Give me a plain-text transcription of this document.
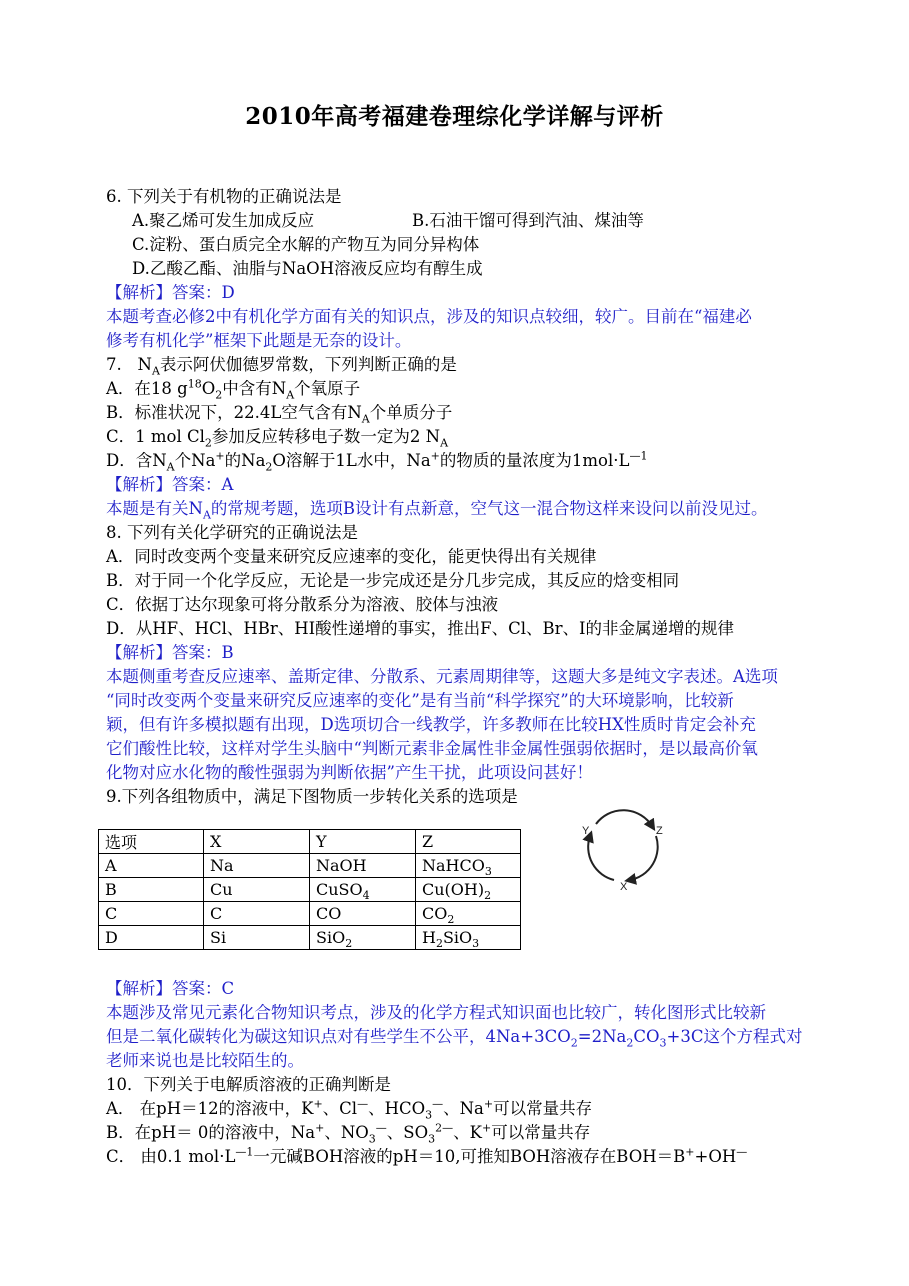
2010年高考福建卷理综化学详解与评析
6. 下列关于有机物的正确说法是
A.聚乙烯可发生加成反应	B.石油干馏可得到汽油、煤油等
C.淀粉、蛋白质完全水解的产物互为同分异构体
D.乙酸乙酯、油脂与NaOH溶液反应均有醇生成
【解析】答案：D
本题考查必修2中有机化学方面有关的知识点，涉及的知识点较细，较广。目前在“福建必
修考有机化学”框架下此题是无奈的设计。
7. $N_A$表示阿伏伽德罗常数，下列判断正确的是
A．在18 $g^{18}O_2$中含有$N_A$个氧原子
B．标准状况下，22.4L空气含有$N_A$个单质分子
C．1 mol $Cl_2$参加反应转移电子数一定为2 $N_A$
D．含$N_A$个Na+的$Na_2O$溶解于1L水中，Na+的物质的量浓度为$1mol\cdot L^{—1}$
【解析】答案：A
本题是有关$N_A$的常规考题，选项B设计有点新意，空气这一混合物这样来设问以前没见过。
8. 下列有关化学研究的正确说法是
A．同时改变两个变量来研究反应速率的变化，能更快得出有关规律
B．对于同一个化学反应，无论是一步完成还是分几步完成，其反应的焓变相同
C．依据丁达尔现象可将分散系分为溶液、胶体与浊液
D．从HF、HCl、HBr、HI酸性递增的事实，推出F、Cl、Br、I的非金属递增的规律
【解析】答案：B
本题侧重考查反应速率、盖斯定律、分散系、元素周期律等，这题大多是纯文字表述。A选项
“同时改变两个变量来研究反应速率的变化”是有当前“科学探究”的大环境影响，比较新
颖，但有许多模拟题有出现，D选项切合一线教学，许多教师在比较HX性质时肯定会补充
它们酸性比较，这样对学生头脑中“判断元素非金属性非金属性强弱依据时，是以最高价氧
化物对应水化物的酸性强弱为判断依据”产生干扰，此项设问甚好！
9.下列各组物质中，满足下图物质一步转化关系的选项是
选项	X	Y	Z
A	Na	NaOH	NaHCO$_3$
B	Cu	CuSO$_4$	$Cu(OH)_2$
C	C	CO	$CO_2$
D	Si	SiO$_2$	$H_2SiO_3$
Y	Z
X
【解析】答案：C
本题涉及常见元素化合物知识考点，涉及的化学方程式知识面也比较广，转化图形式比较新
但是二氧化碳转化为碳这知识点对有些学生不公平，$4Na+3CO_2=2Na_2CO_3+3C$这个方程式对
老师来说也是比较陌生的。
10．下列关于电解质溶液的正确判断是
A． 在pH＝12的溶液中，K+、Cl—、$HCO_3^—$、Na+可以常量共存
B．在pH＝ 0的溶液中，Na+、$NO_3^—$、$SO_3^{2—}$、K+可以常量共存
C． 由0.1 $mol\cdot L^{—1}$一元碱BOH溶液的pH＝10,可推知BOH溶液存在BOH＝B++OH—
